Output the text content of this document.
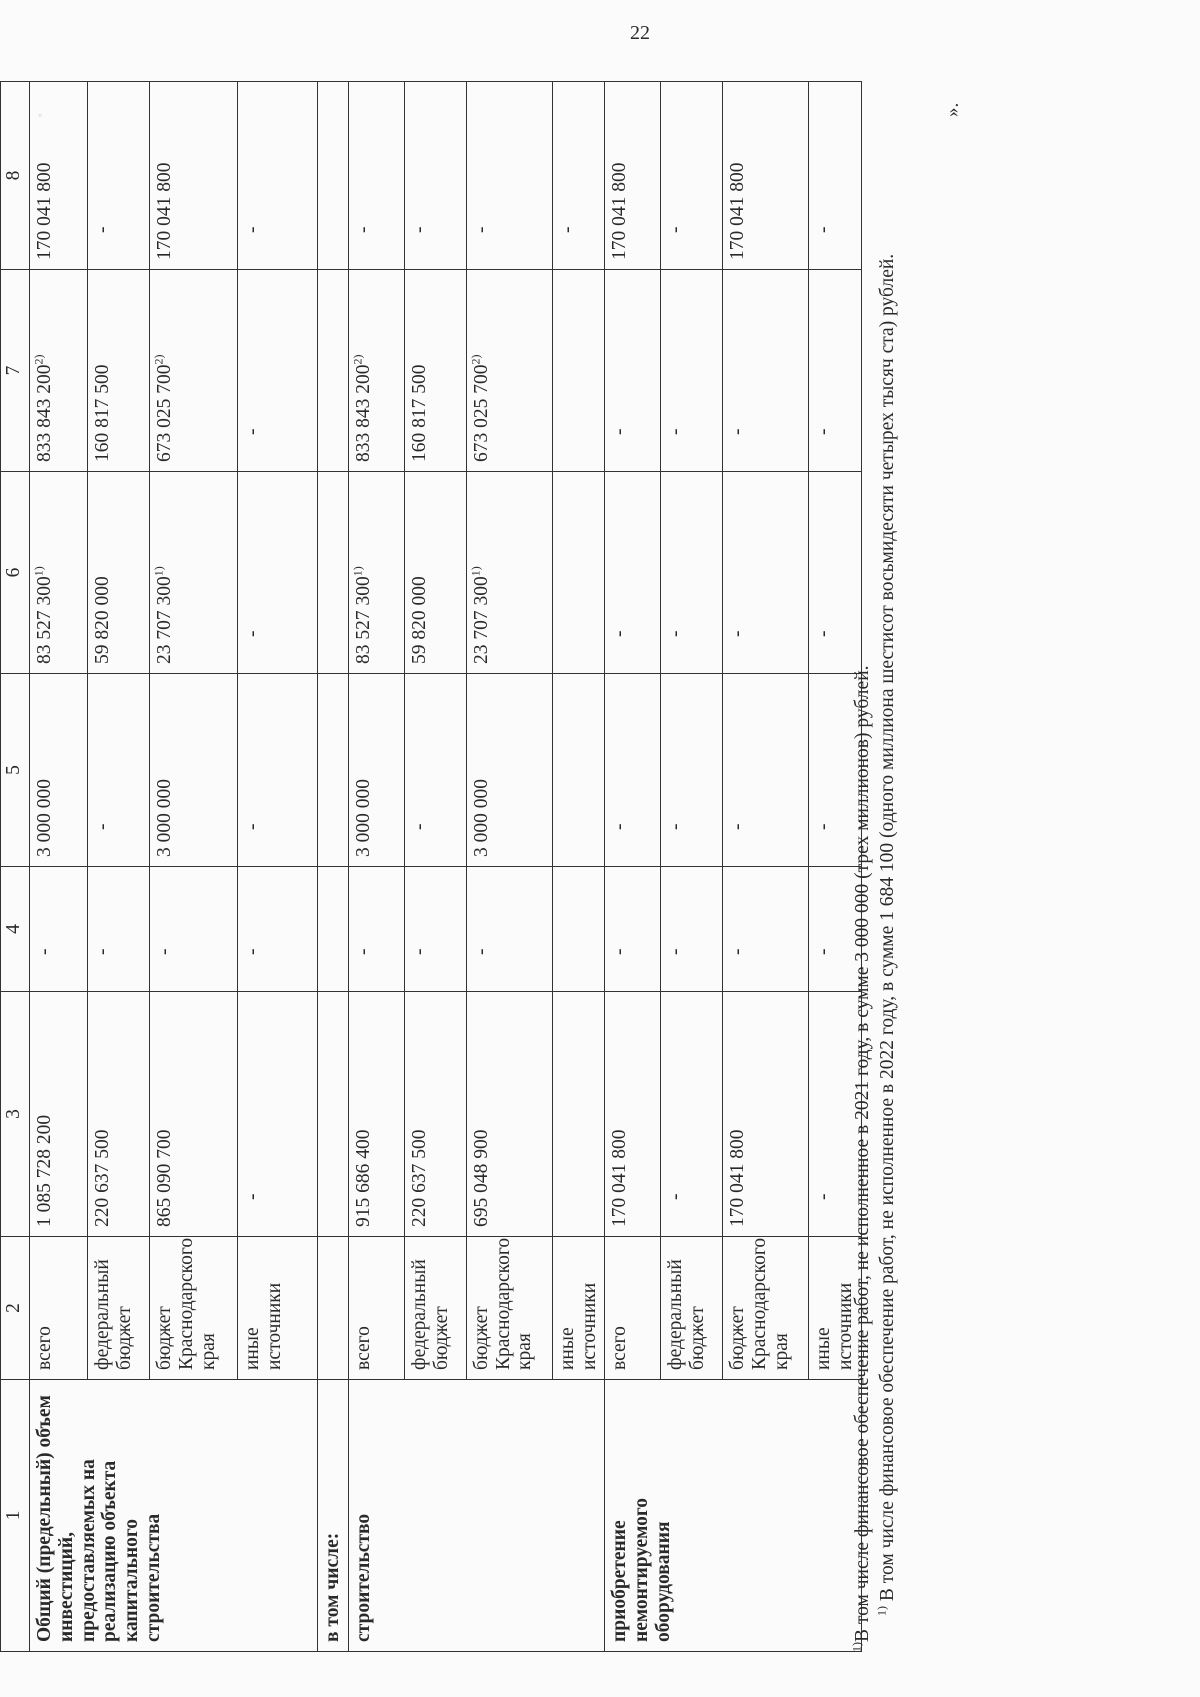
22
◦
1	2	3	4	5	6	7	8
Общий (предельный) объем инвестиций, предоставляемых на реализацию объекта капитального строительства	всего	1 085 728 200	-	3 000 000	83 527 300$^{1)}$	833 843 200$^{2)}$	170 041 800
	федеральный бюджет	220 637 500	-	-	59 820 000	160 817 500	-
	бюджет Краснодарского края	865 090 700	-	3 000 000	23 707 300$^{1)}$	673 025 700$^{2)}$	170 041 800
	иные источники	-	-	-	-	-	-
в том числе:							
строительство	всего	915 686 400	-	3 000 000	83 527 300$^{1)}$	833 843 200$^{2)}$	-
	федеральный бюджет	220 637 500	-	-	59 820 000	160 817 500	-
	бюджет Краснодарского края	695 048 900	-	3 000 000	23 707 300$^{1)}$	673 025 700$^{2)}$	-
	иные источники						-
приобретение немонтируемого оборудования	всего	170 041 800	-	-	-	-	170 041 800
	федеральный бюджет	-	-	-	-	-	-
	бюджет Краснодарского края	170 041 800	-	-	-	-	170 041 800
	иные источники	-	-	-	-	-	-

$^{1)}$В том числе финансовое обеспечение работ, не исполненное в 2021 году, в сумме 3 000 000 (трех миллионов) рублей. $^{1)}$ В том числе финансовое обеспечение работ, не исполненное в 2022 году, в сумме 1 684 100 (одного миллиона шестисот восьмидесяти четырех тысяч ста) рублей.

».
